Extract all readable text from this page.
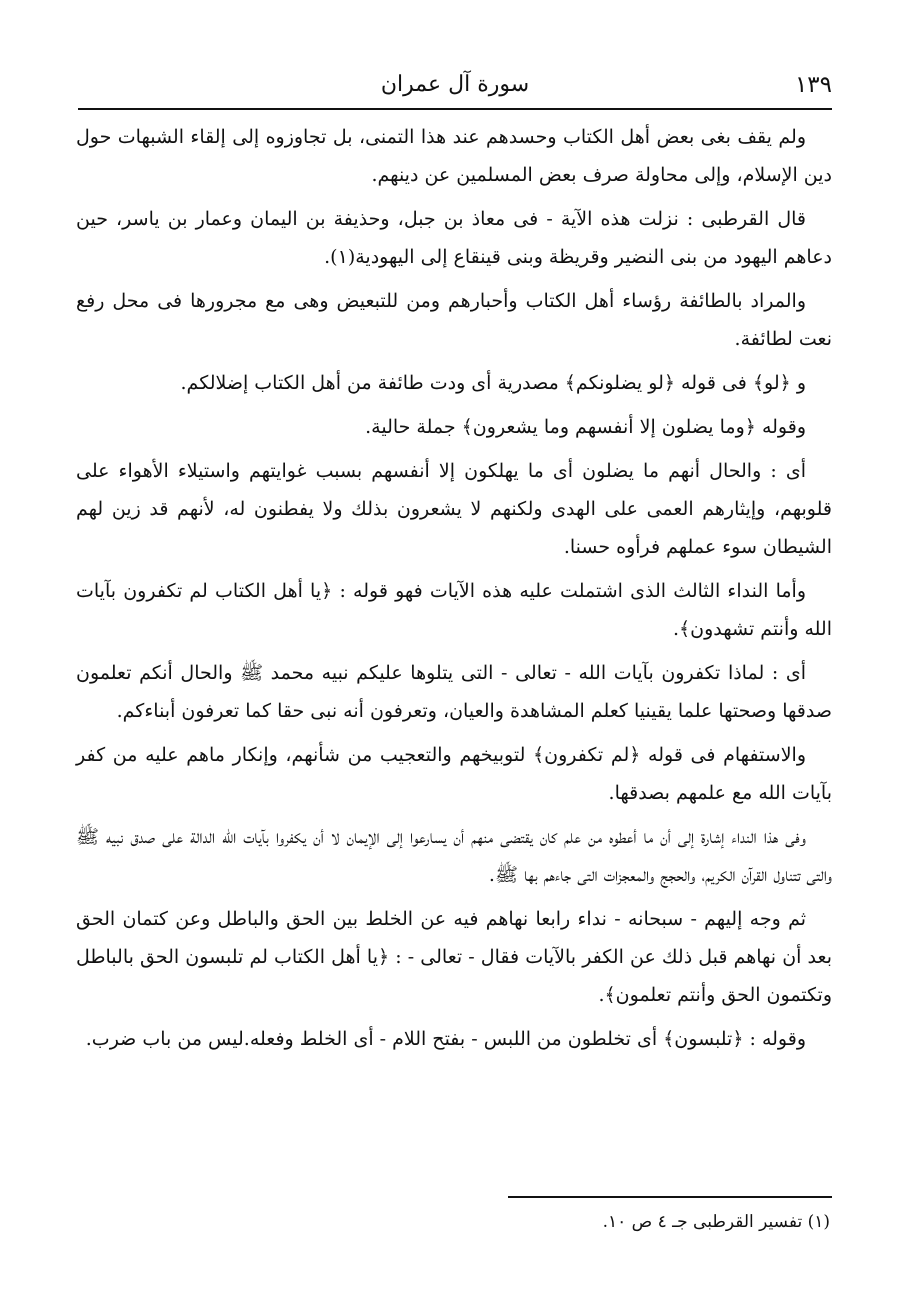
١٣٩
سورة آل عمران

ولم يقف بغى بعض أهل الكتاب وحسدهم عند هذا التمنى، بل تجاوزوه إلى إلقاء الشبهات حول دين الإسلام، وإلى محاولة صرف بعض المسلمين عن دينهم.

قال القرطبى : نزلت هذه الآية - فى معاذ بن جبل، وحذيفة بن اليمان وعمار بن ياسر، حين دعاهم اليهود من بنى النضير وقريظة وبنى قينقاع إلى اليهودية(١).

والمراد بالطائفة رؤساء أهل الكتاب وأحبارهم ومن للتبعيض وهى مع مجرورها فى محل رفع نعت لطائفة.

و ﴿لو﴾ فى قوله ﴿لو يضلونكم﴾ مصدرية أى ودت طائفة من أهل الكتاب إضلالكم.

وقوله ﴿وما يضلون إلا أنفسهم وما يشعرون﴾ جملة حالية.

أى : والحال أنهم ما يضلون أى ما يهلكون إلا أنفسهم بسبب غوايتهم واستيلاء الأهواء على قلوبهم، وإيثارهم العمى على الهدى ولكنهم لا يشعرون بذلك ولا يفطنون له، لأنهم قد زين لهم الشيطان سوء عملهم فرأوه حسنا.

وأما النداء الثالث الذى اشتملت عليه هذه الآيات فهو قوله : ﴿يا أهل الكتاب لم تكفرون بآيات الله وأنتم تشهدون﴾.

أى : لماذا تكفرون بآيات الله - تعالى - التى يتلوها عليكم نبيه محمد ﷺ والحال أنكم تعلمون صدقها وصحتها علما يقينيا كعلم المشاهدة والعيان، وتعرفون أنه نبى حقا كما تعرفون أبناءكم.

والاستفهام فى قوله ﴿لم تكفرون﴾ لتوبيخهم والتعجيب من شأنهم، وإنكار ماهم عليه من كفر بآيات الله مع علمهم بصدقها.

وفى هذا النداء إشارة إلى أن ما أعطوه من علم كان يقتضى منهم أن يسارعوا إلى الإيمان لا أن يكفروا بآيات الله الدالة على صدق نبيه ﷺ والتى تتناول القرآن الكريم، والحجج والمعجزات التى جاءهم بها ﷺ.

ثم وجه إليهم - سبحانه - نداء رابعا نهاهم فيه عن الخلط بين الحق والباطل وعن كتمان الحق بعد أن نهاهم قبل ذلك عن الكفر بالآيات فقال - تعالى - : ﴿يا أهل الكتاب لم تلبسون الحق بالباطل وتكتمون الحق وأنتم تعلمون﴾.

وقوله : ﴿تلبسون﴾ أى تخلطون من اللبس - بفتح اللام - أى الخلط وفعله.ليس من باب ضرب.

(١) تفسير القرطبى جـ ٤ ص ١٠.
